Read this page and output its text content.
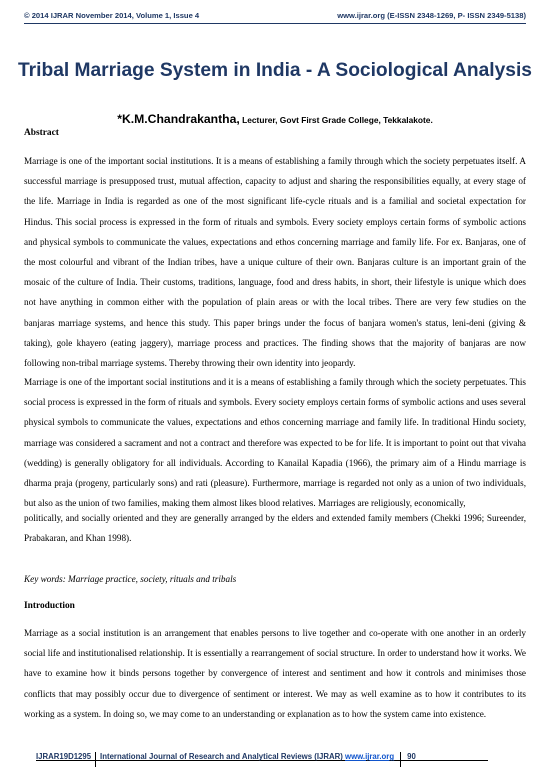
© 2014 IJRAR November 2014, Volume 1, Issue 4	www.ijrar.org (E-ISSN 2348-1269, P- ISSN 2349-5138)
Tribal Marriage System in India - A Sociological Analysis
*K.M.Chandrakantha, Lecturer, Govt First Grade College, Tekkalakote.
Abstract
Marriage is one of the important social institutions. It is a means of establishing a family through which the society perpetuates itself. A successful marriage is presupposed trust, mutual affection, capacity to adjust and sharing the responsibilities equally, at every stage of the life. Marriage in India is regarded as one of the most significant life-cycle rituals and is a familial and societal expectation for Hindus. This social process is expressed in the form of rituals and symbols. Every society employs certain forms of symbolic actions and physical symbols to communicate the values, expectations and ethos concerning marriage and family life. For ex. Banjaras, one of the most colourful and vibrant of the Indian tribes, have a unique culture of their own. Banjaras culture is an important grain of the mosaic of the culture of India. Their customs, traditions, language, food and dress habits, in short, their lifestyle is unique which does not have anything in common either with the population of plain areas or with the local tribes. There are very few studies on the banjaras marriage systems, and hence this study. This paper brings under the focus of banjara women's status, leni-deni (giving & taking), gole khayero (eating jaggery), marriage process and practices. The finding shows that the majority of banjaras are now following non-tribal marriage systems. Thereby throwing their own identity into jeopardy.
Marriage is one of the important social institutions and it is a means of establishing a family through which the society perpetuates. This social process is expressed in the form of rituals and symbols. Every society employs certain forms of symbolic actions and uses several physical symbols to communicate the values, expectations and ethos concerning marriage and family life. In traditional Hindu society, marriage was considered a sacrament and not a contract and therefore was expected to be for life. It is important to point out that vivaha (wedding) is generally obligatory for all individuals. According to Kanailal Kapadia (1966), the primary aim of a Hindu marriage is dharma praja (progeny, particularly sons) and rati (pleasure). Furthermore, marriage is regarded not only as a union of two individuals, but also as the union of two families, making them almost likes blood relatives. Marriages are religiously, economically,
politically, and socially oriented and they are generally arranged by the elders and extended family members (Chekki 1996; Sureender, Prabakaran, and Khan 1998).
Key words: Marriage practice, society, rituals and tribals
Introduction
Marriage as a social institution is an arrangement that enables persons to live together and co-operate with one another in an orderly social life and institutionalised relationship. It is essentially a rearrangement of social structure. In order to understand how it works. We have to examine how it binds persons together by convergence of interest and sentiment and how it controls and minimises those conflicts that may possibly occur due to divergence of sentiment or interest. We may as well examine as to how it contributes to its working as a system. In doing so, we may come to an understanding or explanation as to how the system came into existence.
IJRAR19D1295	International Journal of Research and Analytical Reviews (IJRAR) www.ijrar.org	90
